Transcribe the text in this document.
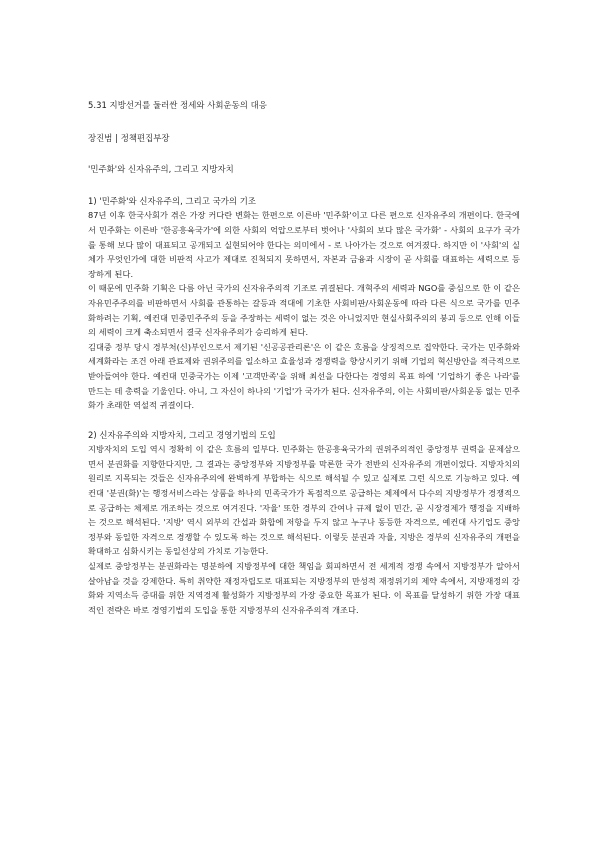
5.31 지방선거를 둘러싼 정세와 사회운동의 대응

장진범 | 정책편집부장

'민주화'와 신자유주의, 그리고 지방자치

1) '민주화'와 신자유주의, 그리고 국가의 기조

87년 이후 한국사회가 겪은 가장 커다란 변화는 한편으로 이른바 '민주화'이고 다른 편으로 신자유주의 개편이다. 한국에서 민주화는 이른바 '한공흥육국가'에 의한 사회의 억압으로부터 벗어나 '사회의 보다 많은 국가화' - 사회의 요구가 국가를 통해 보다 많이 대표되고 공개되고 실현되어야 한다는 의미에서 - 로 나아가는 것으로 여겨졌다. 하지만 이 '사회'의 실체가 무엇인가에 대한 비판적 사고가 제대로 진척되지 못하면서, 자본과 금융과 시장이 곧 사회를 대표하는 세력으로 등장하게 된다.

이 때문에 민주화 기획은 다름 아닌 국가의 신자유주의적 기조로 귀결된다. 개혁주의 세력과 NGO를 중심으로 한 이 같은 자유민주주의를 비판하면서 사회를 관통하는 갈등과 적대에 기초한 사회비판/사회운동에 따라 다른 식으로 국가를 민주화하려는 기획, 예컨대 민중민주주의 등을 주장하는 세력이 없는 것은 아니었지만 현실사회주의의 붕괴 등으로 인해 이들의 세력이 크게 축소되면서 결국 신자유주의가 승리하게 된다.

김대중 정부 당시 경부처(신)부인으로서 제기된 '신공공관리론'은 이 같은 흐름을 상징적으로 집약한다. 국가는 민주화와 세계화라는 조건 아래 관료제와 권위주의를 일소하고 효율성과 경쟁력을 향상시키기 위해 기업의 혁신방안을 적극적으로 받아들여야 한다. 예컨대 민중국가는 이제 '고객만족'을 위해 최선을 다한다는 경영의 목표 하에 '기업하기 좋은 나라'를 만드는 데 총력을 기울인다. 아니, 그 자신이 하나의 '기업'가 국가가 된다. 신자유주의, 이는 사회비판/사회운동 없는 민주화가 초래한 역설적 귀결이다.

2) 신자유주의와 지방자치, 그리고 경영기법의 도입

지방자치의 도입 역시 정확히 이 같은 흐름의 일부다. 민주화는 한공흥육국가의 권위주의적인 중앙정부 권력을 문제삼으면서 분권화를 지향한다지만, 그 결과는 중앙정부와 지방정부를 막론한 국가 전반의 신자유주의 개편이었다. 지방자치의 원리로 지목되는 것들은 신자유주의에 완벽하게 부합하는 식으로 해석될 수 있고 실제로 그런 식으로 기능하고 있다. 예컨대 '분권(화)'는 행정서비스라는 상품을 하나의 민족국가가 독점적으로 공급하는 체제에서 다수의 지방정부가 경쟁적으로 공급하는 체제로 개조하는 것으로 여겨진다. '자율' 또한 경부의 간여나 규제 없이 민간, 곧 시장경제가 행정을 지배하는 것으로 해석된다. '지방' 역시 외부의 간섭과 화합에 저항을 두지 않고 누구나 동등한 자격으로, 예컨대 사기업도 중앙정부와 동일한 자격으로 경쟁할 수 있도록 하는 것으로 해석된다. 이렇듯 분권과 자율, 지방은 경부의 신자유주의 개편을 확대하고 심화시키는 동일선상의 가치로 기능한다.

실제로 중앙정부는 분권화라는 명분하에 지방정부에 대한 책임을 회피하면서 전 세계적 경쟁 속에서 지방정부가 알아서 살아남을 것을 강제한다. 특히 취약한 재정자립도로 대표되는 지방정부의 만성적 재정위기의 제약 속에서, 지방재정의 강화와 지역소득 증대를 위한 지역경제 활성화가 지방정부의 가장 중요한 목표가 된다. 이 목표를 달성하기 위한 가장 대표적인 전략은 바로 경영기법의 도입을 통한 지방정부의 신자유주의적 개조다.
